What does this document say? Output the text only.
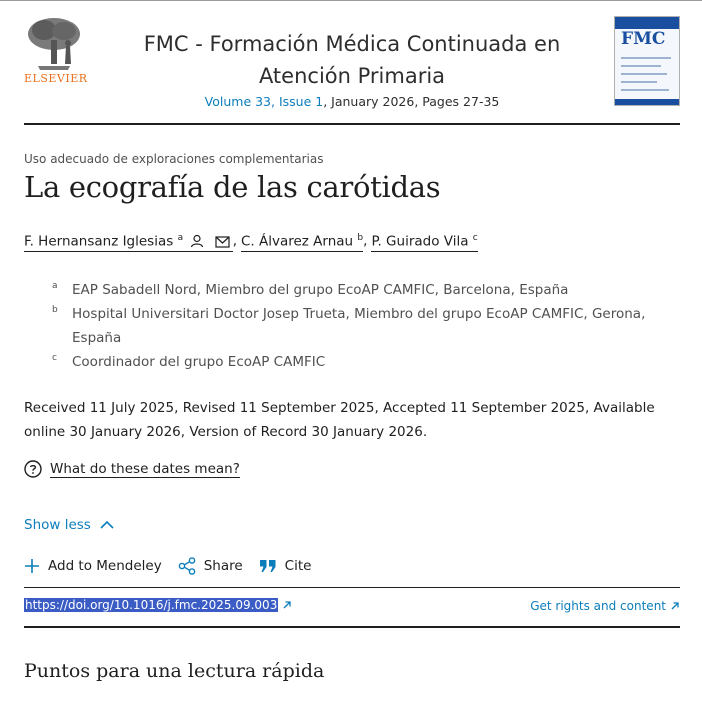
ELSEVIER
FMC - Formación Médica Continuada en
Atención Primaria
Volume 33, Issue 1, January 2026, Pages 27-35
FMC
Uso adecuado de exploraciones complementarias
La ecografía de las carótidas
F. Hernansanz Iglesias $^a$	, C. Álvarez Arnau $^b$ , P. Guirado Vila $^c$
a EAP Sabadell Nord, Miembro del grupo EcoAP CAMFIC, Barcelona, España
b Hospital Universitari Doctor Josep Trueta, Miembro del grupo EcoAP CAMFIC, Gerona, España
c Coordinador del grupo EcoAP CAMFIC
Received 11 July 2025, Revised 11 September 2025, Accepted 11 September 2025, Available online 30 January 2026, Version of Record 30 January 2026.
What do these dates mean?
Show less
Add to Mendeley	Share	Cite
https://doi.org/10.1016/j.fmc.2025.09.003	Get rights and content
Puntos para una lectura rápida
